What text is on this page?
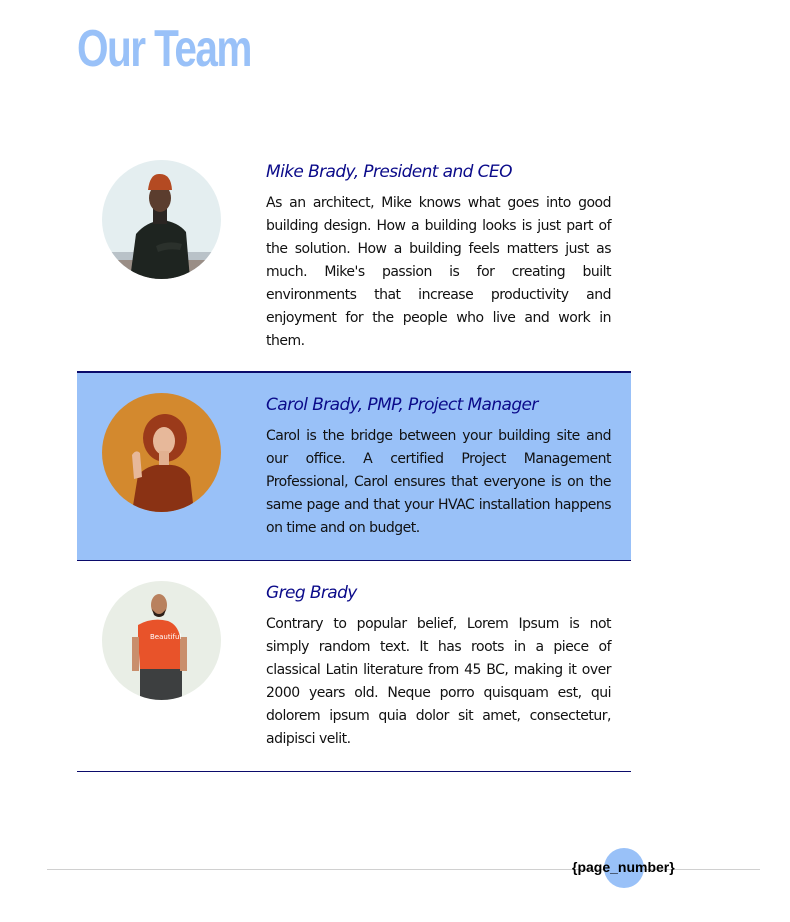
Our Team
Mike Brady, President and CEO

As an architect, Mike knows what goes into good building design. How a building looks is just part of the solution. How a building feels matters just as much. Mike's passion is for creating built environments that increase productivity and enjoyment for the people who live and work in them.

Carol Brady, PMP, Project Manager

Carol is the bridge between your building site and our office. A certified Project Management Professional, Carol ensures that everyone is on the same page and that your HVAC installation happens on time and on budget.

Beautiful
Greg Brady

Contrary to popular belief, Lorem Ipsum is not simply random text. It has roots in a piece of classical Latin literature from 45 BC, making it over 2000 years old. Neque porro quisquam est, qui dolorem ipsum quia dolor sit amet, consectetur, adipisci velit.

{page_number}
